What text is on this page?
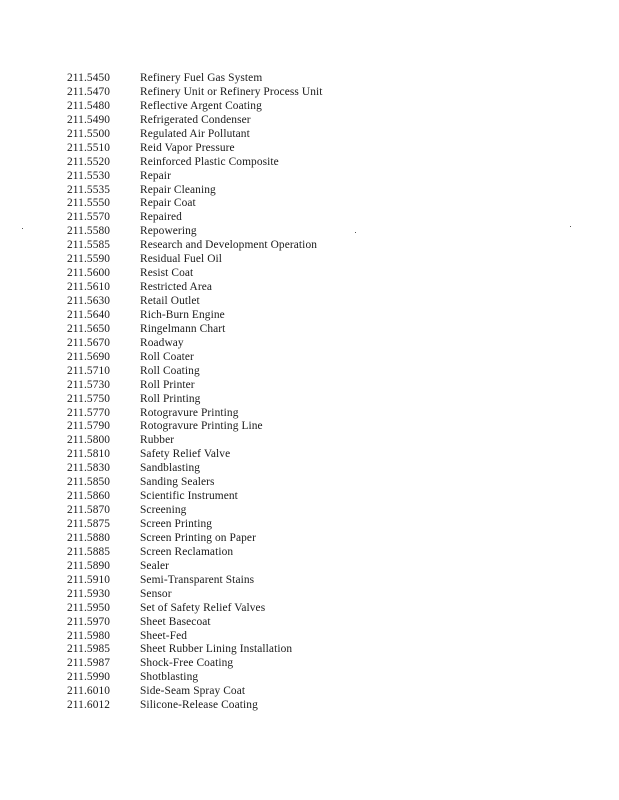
211.5450	Refinery Fuel Gas System
211.5470	Refinery Unit or Refinery Process Unit
211.5480	Reflective Argent Coating
211.5490	Refrigerated Condenser
211.5500	Regulated Air Pollutant
211.5510	Reid Vapor Pressure
211.5520	Reinforced Plastic Composite
211.5530	Repair
211.5535	Repair Cleaning
211.5550	Repair Coat
211.5570	Repaired
211.5580	Repowering
211.5585	Research and Development Operation
211.5590	Residual Fuel Oil
211.5600	Resist Coat
211.5610	Restricted Area
211.5630	Retail Outlet
211.5640	Rich-Burn Engine
211.5650	Ringelmann Chart
211.5670	Roadway
211.5690	Roll Coater
211.5710	Roll Coating
211.5730	Roll Printer
211.5750	Roll Printing
211.5770	Rotogravure Printing
211.5790	Rotogravure Printing Line
211.5800	Rubber
211.5810	Safety Relief Valve
211.5830	Sandblasting
211.5850	Sanding Sealers
211.5860	Scientific Instrument
211.5870	Screening
211.5875	Screen Printing
211.5880	Screen Printing on Paper
211.5885	Screen Reclamation
211.5890	Sealer
211.5910	Semi-Transparent Stains
211.5930	Sensor
211.5950	Set of Safety Relief Valves
211.5970	Sheet Basecoat
211.5980	Sheet-Fed
211.5985	Sheet Rubber Lining Installation
211.5987	Shock-Free Coating
211.5990	Shotblasting
211.6010	Side-Seam Spray Coat
211.6012	Silicone-Release Coating
